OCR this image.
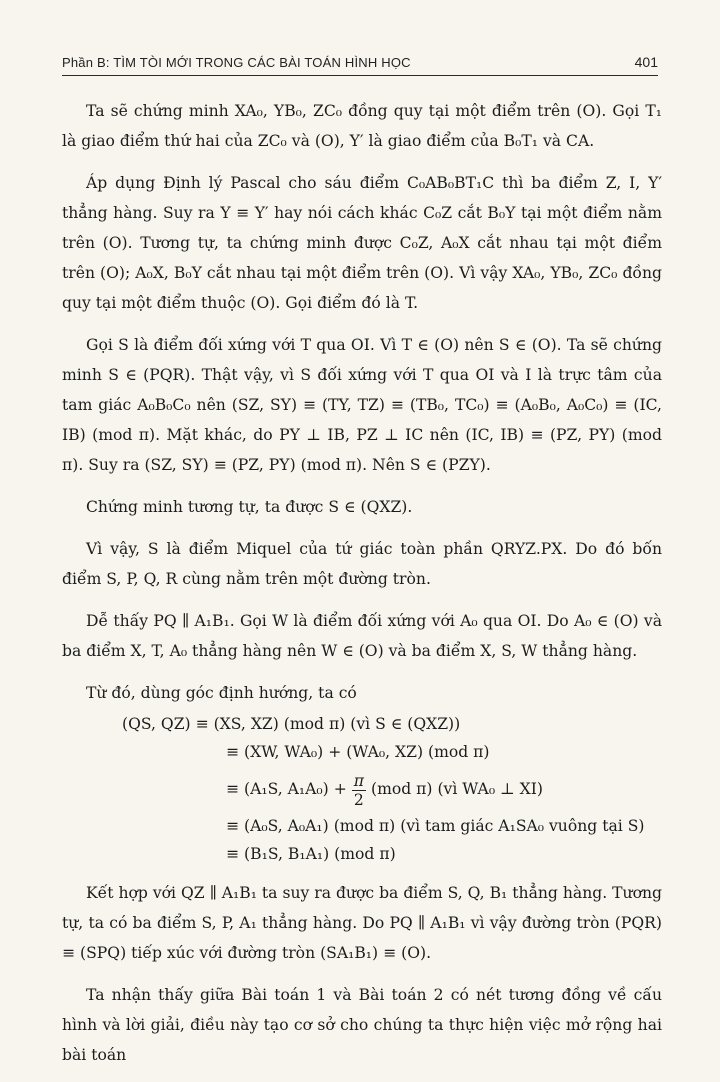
Phần B: TÌM TÒI MỚI TRONG CÁC BÀI TOÁN HÌNH HỌC	401

Ta sẽ chứng minh XA₀, YB₀, ZC₀ đồng quy tại một điểm trên (O). Gọi T₁ là giao điểm thứ hai của ZC₀ và (O), Y′ là giao điểm của B₀T₁ và CA.

Áp dụng Định lý Pascal cho sáu điểm C₀AB₀BT₁C thì ba điểm Z, I, Y′ thẳng hàng. Suy ra Y ≡ Y′ hay nói cách khác C₀Z cắt B₀Y tại một điểm nằm trên (O). Tương tự, ta chứng minh được C₀Z, A₀X cắt nhau tại một điểm trên (O); A₀X, B₀Y cắt nhau tại một điểm trên (O). Vì vậy XA₀, YB₀, ZC₀ đồng quy tại một điểm thuộc (O). Gọi điểm đó là T.

Gọi S là điểm đối xứng với T qua OI. Vì T ∈ (O) nên S ∈ (O). Ta sẽ chứng minh S ∈ (PQR). Thật vậy, vì S đối xứng với T qua OI và I là trực tâm của tam giác A₀B₀C₀ nên (SZ, SY) ≡ (TY, TZ) ≡ (TB₀, TC₀) ≡ (A₀B₀, A₀C₀) ≡ (IC, IB) (mod π). Mặt khác, do PY ⊥ IB, PZ ⊥ IC nên (IC, IB) ≡ (PZ, PY) (mod π). Suy ra (SZ, SY) ≡ (PZ, PY) (mod π). Nên S ∈ (PZY).

Chứng minh tương tự, ta được S ∈ (QXZ).

Vì vậy, S là điểm Miquel của tứ giác toàn phần QRYZ.PX. Do đó bốn điểm S, P, Q, R cùng nằm trên một đường tròn.

Dễ thấy PQ ∥ A₁B₁. Gọi W là điểm đối xứng với A₀ qua OI. Do A₀ ∈ (O) và ba điểm X, T, A₀ thẳng hàng nên W ∈ (O) và ba điểm X, S, W thẳng hàng.

Từ đó, dùng góc định hướng, ta có

(QS, QZ) ≡ (XS, XZ) (mod π) (vì S ∈ (QXZ))
≡ (XW, WA₀) + (WA₀, XZ) (mod π)
≡ (A₁S, $A_1A_0) + \frac{\pi}{2} (mod$ π) (vì WA₀ ⊥ XI)
≡ (A₀S, A₀A₁) (mod π) (vì tam giác A₁SA₀ vuông tại S)
≡ (B₁S, B₁A₁) (mod π)

Kết hợp với QZ ∥ A₁B₁ ta suy ra được ba điểm S, Q, B₁ thẳng hàng. Tương tự, ta có ba điểm S, P, A₁ thẳng hàng. Do PQ ∥ A₁B₁ vì vậy đường tròn (PQR) ≡ (SPQ) tiếp xúc với đường tròn (SA₁B₁) ≡ (O).

Ta nhận thấy giữa Bài toán 1 và Bài toán 2 có nét tương đồng về cấu hình và lời giải, điều này tạo cơ sở cho chúng ta thực hiện việc mở rộng hai bài toán
